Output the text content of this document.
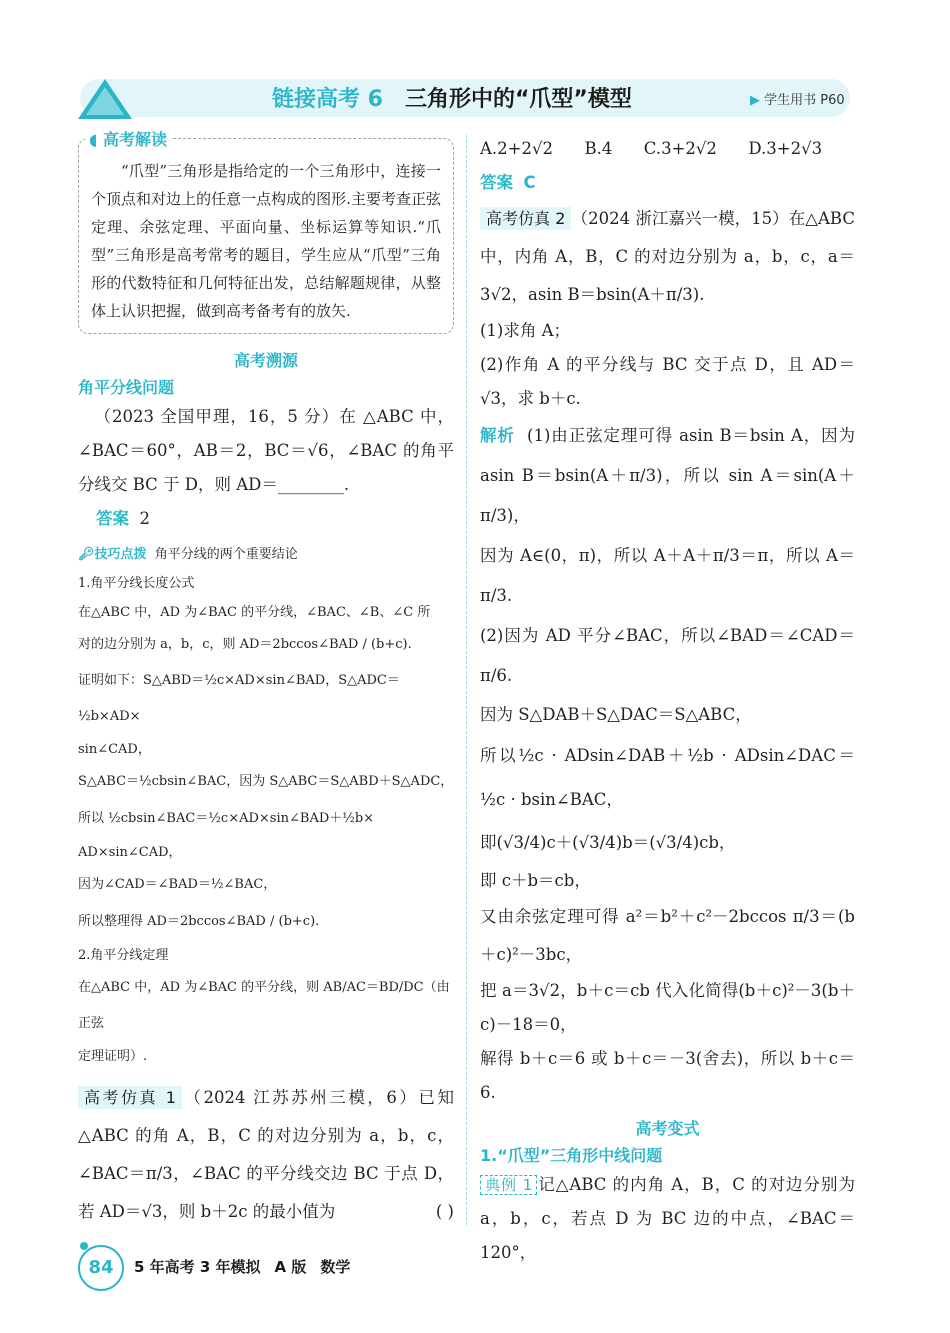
链接高考 6 三角形中的“爪型”模型	▶ 学生用书 P60
◖ 高考解读

“爪型”三角形是指给定的一个三角形中，连接一个顶点和对边上的任意一点构成的图形.主要考查正弦定理、余弦定理、平面向量、坐标运算等知识.“爪型”三角形是高考常考的题目，学生应从“爪型”三角形的代数特征和几何特征出发，总结解题规律，从整体上认识把握，做到高考备考有的放矢.

高考溯源
角平分线问题

（2023 全国甲理，16，5 分）在 △ABC 中，∠BAC＝60°，AB＝2，BC＝√6，∠BAC 的角平分线交 BC 于 D，则 AD＝________.

答案 2

🔑︎技巧点拨 角平分线的两个重要结论

1.角平分线长度公式

在△ABC 中，AD 为∠BAC 的平分线，∠BAC、∠B、∠C 所

对的边分别为 a，b，c，则 AD＝2bccos∠BAD / (b+c).

证明如下：S△ABD＝½c×AD×sin∠BAD，S△ADC＝½b×AD×

sin∠CAD，

S△ABC＝½cbsin∠BAC，因为 S△ABC＝S△ABD＋S△ADC，

所以 ½cbsin∠BAC＝½c×AD×sin∠BAD＋½b×

AD×sin∠CAD，

因为∠CAD＝∠BAD＝½∠BAC，

所以整理得 AD＝2bccos∠BAD / (b+c).

2.角平分线定理

在△ABC 中，AD 为∠BAC 的平分线，则 AB/AC＝BD/DC（由正弦

定理证明）.

高考仿真 1 （2024 江苏苏州三模，6）已知△ABC 的角 A，B，C 的对边分别为 a，b，c，∠BAC＝π/3，∠BAC 的平分线交边 BC 于点 D，若 AD＝√3，则 b＋2c 的最小值为	( )

A.2+2√2      B.4      C.3+2√2      D.3+2√3

答案 C

高考仿真 2 （2024 浙江嘉兴一模，15）在△ABC 中，内角 A，B，C 的对边分别为 a，b，c，a＝3√2，asin B＝bsin(A＋π/3).

(1)求角 A；

(2)作角 A 的平分线与 BC 交于点 D，且 AD＝√3，求 b＋c.

解析 (1)由正弦定理可得 asin B＝bsin A，因为 asin B＝bsin(A＋π/3)，所以 sin A＝sin(A＋π/3)，

因为 A∈(0，π)，所以 A＋A＋π/3＝π，所以 A＝π/3.

(2)因为 AD 平分∠BAC，所以∠BAD＝∠CAD＝π/6.

因为 S△DAB＋S△DAC＝S△ABC，

所以½c · ADsin∠DAB＋½b · ADsin∠DAC＝½c · bsin∠BAC，

即(√3/4)c＋(√3/4)b＝(√3/4)cb，

即 c＋b＝cb，

又由余弦定理可得 a²＝b²＋c²－2bccos π/3＝(b＋c)²－3bc，

把 a＝3√2，b＋c＝cb 代入化简得(b＋c)²－3(b＋c)－18＝0，

解得 b＋c＝6 或 b＋c＝－3(舍去)，所以 b＋c＝6.

高考变式
1.“爪型”三角形中线问题

典例 1 记△ABC 的内角 A，B，C 的对边分别为 a，b，c，若点 D 为 BC 边的中点，∠BAC＝120°，

84	5 年高考 3 年模拟 A 版 数学
